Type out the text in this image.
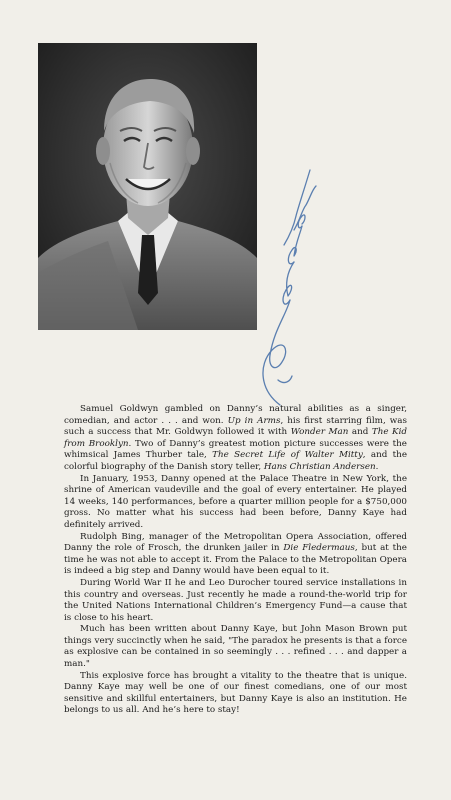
Samuel Goldwyn gambled on Danny’s natural abilities as a singer, comedian, and actor . . . and won. Up in Arms, his first starring film, was such a success that Mr. Goldwyn followed it with Wonder Man and The Kid from Brooklyn. Two of Danny’s greatest motion picture successes were the whimsical James Thurber tale, The Secret Life of Walter Mitty, and the colorful biography of the Danish story teller, Hans Christian Andersen.

In January, 1953, Danny opened at the Palace Theatre in New York, the shrine of American vaudeville and the goal of every entertainer. He played 14 weeks, 140 performances, before a quarter million people for a $750,000 gross. No matter what his success had been before, Danny Kaye had definitely arrived.

Rudolph Bing, manager of the Metropolitan Opera Association, offered Danny the role of Frosch, the drunken jailer in Die Fledermaus, but at the time he was not able to accept it. From the Palace to the Metropolitan Opera is indeed a big step and Danny would have been equal to it.

During World War II he and Leo Durocher toured service installations in this country and overseas. Just recently he made a round-the-world trip for the United Nations International Children’s Emergency Fund—a cause that is close to his heart.

Much has been written about Danny Kaye, but John Mason Brown put things very succinctly when he said, "The paradox he presents is that a force as explosive can be contained in so seemingly . . . refined . . . and dapper a man."

This explosive force has brought a vitality to the theatre that is unique. Danny Kaye may well be one of our finest comedians, one of our most sensitive and skillful entertainers, but Danny Kaye is also an institution. He belongs to us all. And he’s here to stay!
